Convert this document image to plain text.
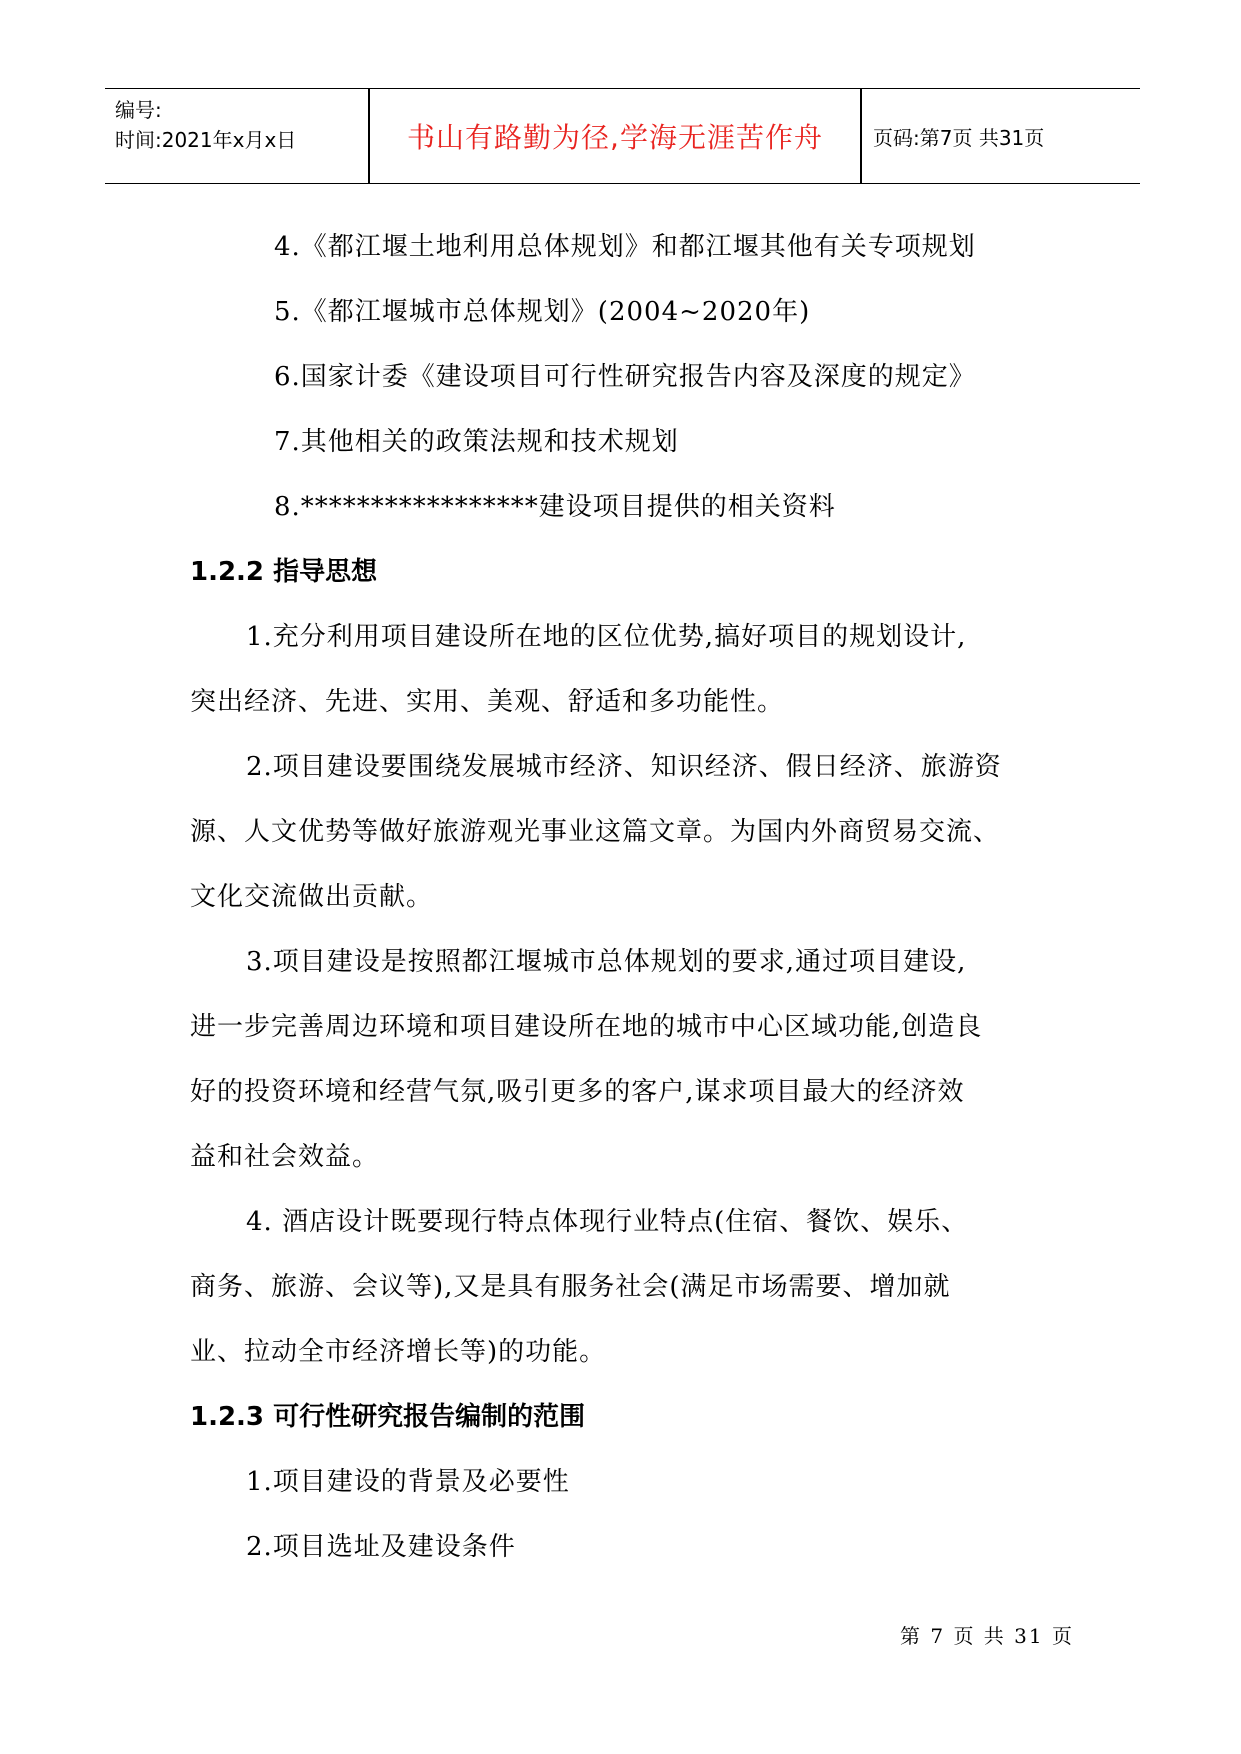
编号:
时间:2021年x月x日	书山有路勤为径,学海无涯苦作舟	页码:第7页 共31页

4.《都江堰土地利用总体规划》和都江堰其他有关专项规划

5.《都江堰城市总体规划》(2004~2020年)

6.国家计委《建设项目可行性研究报告内容及深度的规定》

7.其他相关的政策法规和技术规划

8.*****************建设项目提供的相关资料

1.2.2 指导思想

1.充分利用项目建设所在地的区位优势,搞好项目的规划设计,

突出经济、先进、实用、美观、舒适和多功能性。

2.项目建设要围绕发展城市经济、知识经济、假日经济、旅游资

源、人文优势等做好旅游观光事业这篇文章。为国内外商贸易交流、

文化交流做出贡献。

3.项目建设是按照都江堰城市总体规划的要求,通过项目建设,

进一步完善周边环境和项目建设所在地的城市中心区域功能,创造良

好的投资环境和经营气氛,吸引更多的客户,谋求项目最大的经济效

益和社会效益。

4. 酒店设计既要现行特点体现行业特点(住宿、餐饮、娱乐、

商务、旅游、会议等),又是具有服务社会(满足市场需要、增加就

业、拉动全市经济增长等)的功能。

1.2.3 可行性研究报告编制的范围

1.项目建设的背景及必要性

2.项目选址及建设条件

第 7 页 共 31 页
